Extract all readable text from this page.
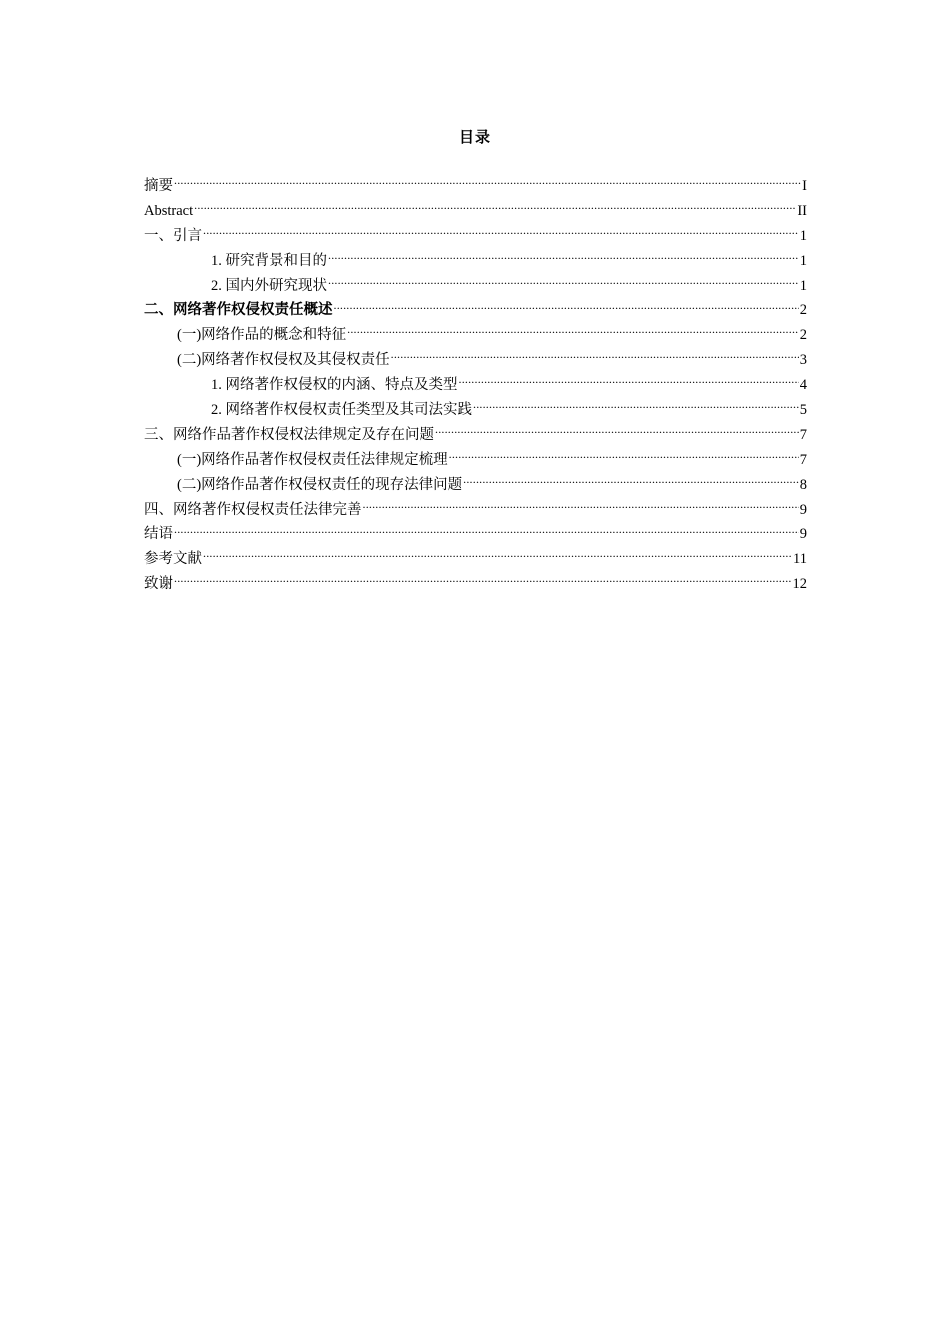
目录
摘要 .....	I
Abstract .....	II
一、引言 .....	1
1. 研究背景和目的 .....	1
2. 国内外研究现状 .....	1
二、网络著作权侵权责任概述 .....	2
(一)网络作品的概念和特征 .....	2
(二)网络著作权侵权及其侵权责任 .....	3
1. 网络著作权侵权的内涵、特点及类型 .....	4
2. 网络著作权侵权责任类型及其司法实践 .....	5
三、网络作品著作权侵权法律规定及存在问题 .....	7
(一)网络作品著作权侵权责任法律规定梳理 .....	7
(二)网络作品著作权侵权责任的现存法律问题 .....	8
四、网络著作权侵权责任法律完善 .....	9
结语 .....	9
参考文献 .....	11
致谢 .....	12
